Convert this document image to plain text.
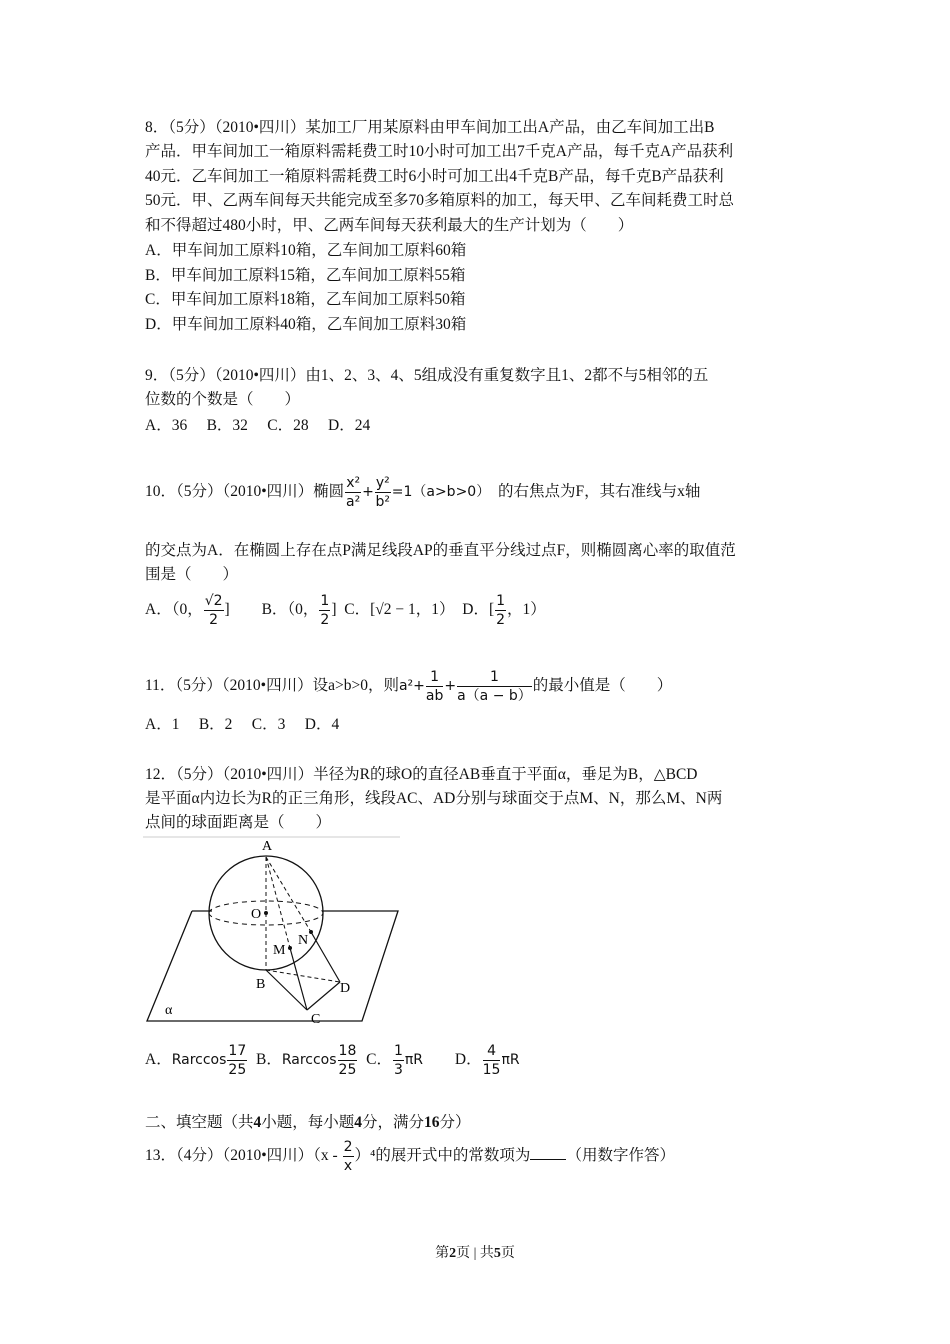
8．（5分）（2010•四川）某加工厂用某原料由甲车间加工出A产品，由乙车间加工出B
产品．甲车间加工一箱原料需耗费工时10小时可加工出7千克A产品，每千克A产品获利
40元．乙车间加工一箱原料需耗费工时6小时可加工出4千克B产品，每千克B产品获利
50元．甲、乙两车间每天共能完成至多70多箱原料的加工，每天甲、乙车间耗费工时总
和不得超过480小时，甲、乙两车间每天获利最大的生产计划为（　　）
A．甲车间加工原料10箱，乙车间加工原料60箱
B．甲车间加工原料15箱，乙车间加工原料55箱
C．甲车间加工原料18箱，乙车间加工原料50箱
D．甲车间加工原料40箱，乙车间加工原料30箱
9．（5分）（2010•四川）由1、2、3、4、5组成没有重复数字且1、2都不与5相邻的五
位数的个数是（　　）
A．36　 B．32　 C．28　 D．24
10．（5分）（2010•四川）椭圆 $\frac{\text{x²}}{\text{a²}} + \frac{\text{y²}}{\text{b²}} =1(a>b>0)$ 的右焦点为F，其右准线与x轴
的交点为A．在椭圆上存在点P满足线段AP的垂直平分线过点F，则椭圆离心率的取值范
围是（　　）
A．（0， $\frac{√2}{2}$ ] B．（0， $\frac{1}{2}$ ] C．[√2 − 1，1） D．[ $\frac{1}{2}$ ，1）
11．（5分）（2010•四川）设a>b>0，则$a^2+ \frac{1}{ab} + \frac{1}{a(a - b)}$ 的最小值是（　　）
A．1　 B．2　 C．3　 D．4
12．（5分）（2010•四川）半径为R的球O的直径AB垂直于平面α，垂足为B，△BCD
是平面α内边长为R的正三角形，线段AC、AD分别与球面交于点M、N，那么M、N两
点间的球面距离是（　　）
A
O
M
N
B
C
D
α
A．Rarccos $\frac{17}{25}$ B．Rarccos $\frac{18}{25}$ C． $\frac{1}{3}$ πR D． $\frac{4}{15}$ πR
二、填空题（共4小题，每小题4分，满分16分）
13．（4分）（2010•四川）$(x - \frac{2}{x} )^4$的展开式中的常数项为 （用数字作答）
第2页 | 共5页
